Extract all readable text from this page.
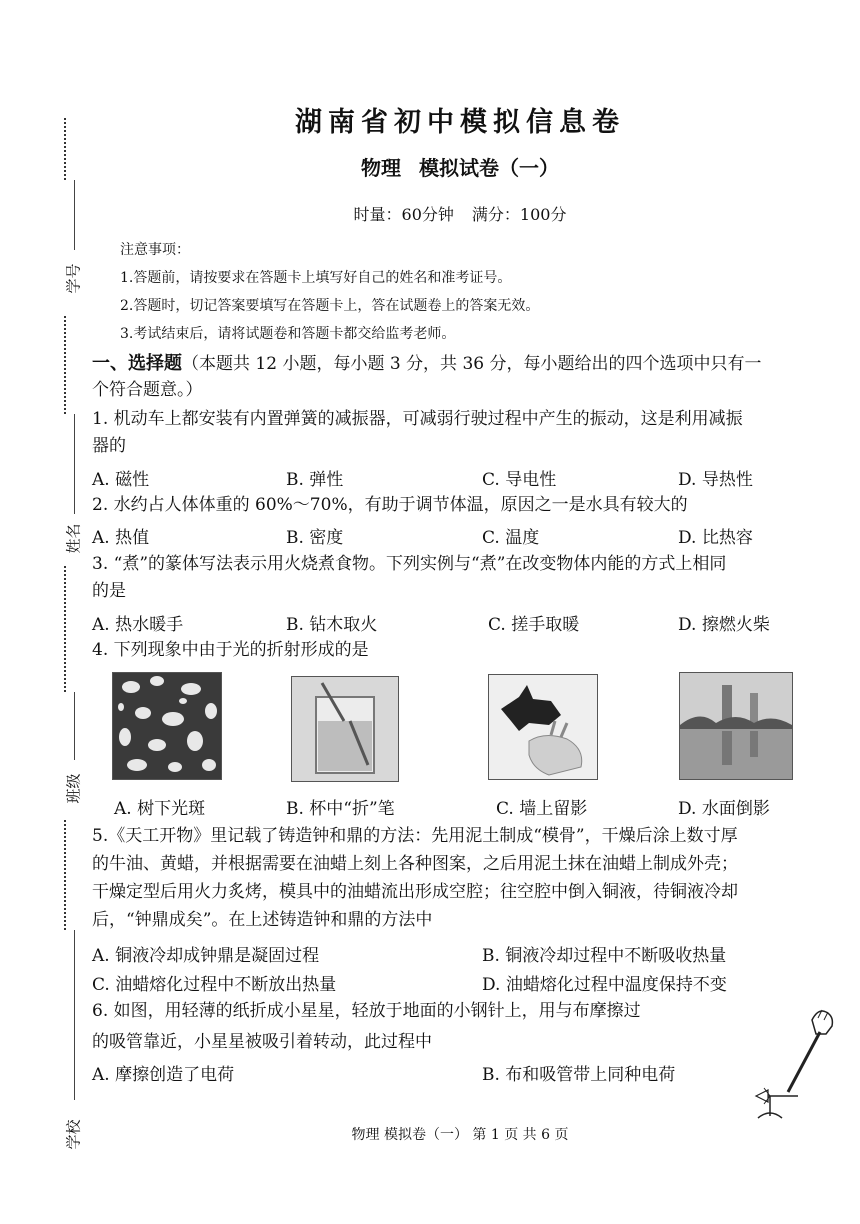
学号
姓名
班级
学校
湖南省初中模拟信息卷
物理 模拟试卷（一）
时量：60分钟 满分：100分
注意事项：
1.答题前，请按要求在答题卡上填写好自己的姓名和准考证号。
2.答题时，切记答案要填写在答题卡上，答在试题卷上的答案无效。
3.考试结束后，请将试题卷和答题卡都交给监考老师。
一、选择题（本题共 12 小题，每小题 3 分，共 36 分，每小题给出的四个选项中只有一
个符合题意。）
1. 机动车上都安装有内置弹簧的减振器，可减弱行驶过程中产生的振动，这是利用减振
器的
A. 磁性	B. 弹性	C. 导电性	D. 导热性
2. 水约占人体体重的 60%～70%，有助于调节体温，原因之一是水具有较大的
A. 热值	B. 密度	C. 温度	D. 比热容
3. “煮”的篆体写法表示用火烧煮食物。下列实例与“煮”在改变物体内能的方式上相同
的是
A. 热水暖手	B. 钻木取火	C. 搓手取暖	D. 擦燃火柴
4. 下列现象中由于光的折射形成的是
A. 树下光斑	B. 杯中“折”笔	C. 墙上留影	D. 水面倒影
5.《天工开物》里记载了铸造钟和鼎的方法：先用泥土制成“模骨”，干燥后涂上数寸厚
的牛油、黄蜡，并根据需要在油蜡上刻上各种图案，之后用泥土抹在油蜡上制成外壳；
干燥定型后用火力炙烤，模具中的油蜡流出形成空腔；往空腔中倒入铜液，待铜液冷却
后，“钟鼎成矣”。在上述铸造钟和鼎的方法中
A. 铜液冷却成钟鼎是凝固过程	B. 铜液冷却过程中不断吸收热量
C. 油蜡熔化过程中不断放出热量	D. 油蜡熔化过程中温度保持不变
6. 如图，用轻薄的纸折成小星星，轻放于地面的小钢针上，用与布摩擦过
的吸管靠近，小星星被吸引着转动，此过程中
A. 摩擦创造了电荷	B. 布和吸管带上同种电荷
物理 模拟卷（一） 第 1 页 共 6 页
